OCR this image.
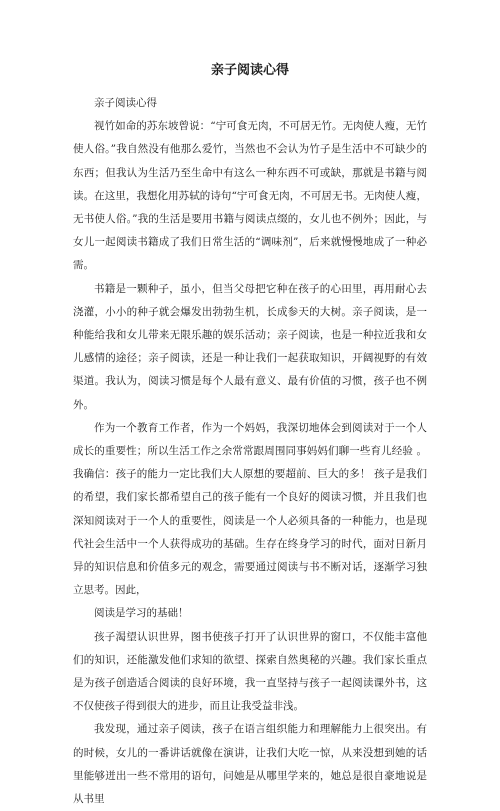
亲子阅读心得

亲子阅读心得

视竹如命的苏东坡曾说：“宁可食无肉，不可居无竹。无肉使人瘦，无竹使人俗。”我自然没有他那么爱竹，当然也不会认为竹子是生活中不可缺少的东西；但我认为生活乃至生命中有这么一种东西不可或缺，那就是书籍与阅读。在这里，我想化用苏轼的诗句“宁可食无肉，不可居无书。无肉使人瘦，无书使人俗。”我的生活是要用书籍与阅读点缀的，女儿也不例外；因此，与女儿一起阅读书籍成了我们日常生活的“调味剂”，后来就慢慢地成了一种必需。

书籍是一颗种子，虽小，但当父母把它种在孩子的心田里，再用耐心去浇灌，小小的种子就会爆发出勃勃生机，长成参天的大树。亲子阅读，是一种能给我和女儿带来无限乐趣的娱乐活动；亲子阅读，也是一种拉近我和女儿感情的途径；亲子阅读，还是一种让我们一起获取知识，开阔视野的有效渠道。我认为，阅读习惯是每个人最有意义、最有价值的习惯，孩子也不例外。

作为一个教育工作者，作为一个妈妈，我深切地体会到阅读对于一个人成长的重要性；所以生活工作之余常常跟周围同事妈妈们聊一些育儿经验 。 我确信：孩子的能力一定比我们大人原想的要超前、巨大的多！ 孩子是我们的希望，我们家长都希望自己的孩子能有一个良好的阅读习惯，并且我们也深知阅读对于一个人的重要性，阅读是一个人必须具备的一种能力，也是现代社会生活中一个人获得成功的基础。生存在终身学习的时代，面对日新月异的知识信息和价值多元的观念，需要通过阅读与书不断对话，逐渐学习独立思考。因此，

阅读是学习的基础！

孩子渴望认识世界，图书使孩子打开了认识世界的窗口，不仅能丰富他们的知识，还能激发他们求知的欲望、探索自然奥秘的兴趣。我们家长重点是为孩子创造适合阅读的良好环境，我一直坚持与孩子一起阅读课外书，这不仅使孩子得到很大的进步，而且让我受益非浅。

我发现，通过亲子阅读，孩子在语言组织能力和理解能力上很突出。有的时候，女儿的一番讲话就像在演讲，让我们大吃一惊，从来没想到她的话里能够迸出一些不常用的语句，问她是从哪里学来的，她总是很自豪地说是从书里
